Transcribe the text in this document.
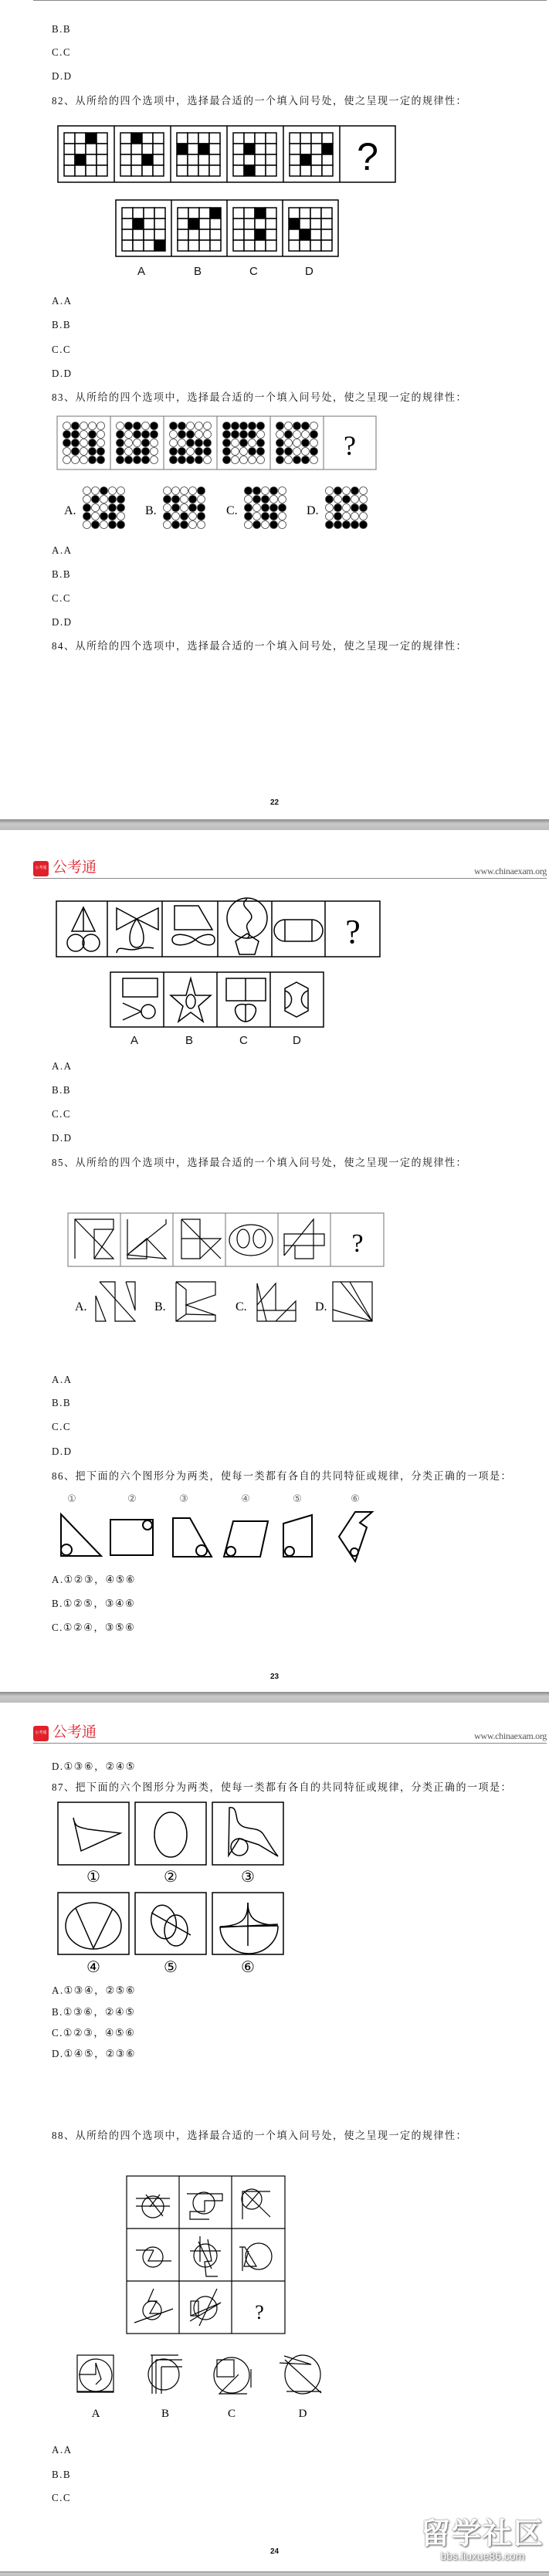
B.B
C.C
D.D
82、从所给的四个选项中，选择最合适的一个填入问号处，使之呈现一定的规律性：
?
A	B	C	D
A.A
B.B
C.C
D.D
83、从所给的四个选项中，选择最合适的一个填入问号处，使之呈现一定的规律性：
?
A.	B.	C.	D.
A.A
B.B
C.C
D.D
84、从所给的四个选项中，选择最合适的一个填入问号处，使之呈现一定的规律性：
22
公考通 公考通	www.chinaexam.org
?
A	B	C	D
A.A
B.B
C.C
D.D
85、从所给的四个选项中，选择最合适的一个填入问号处，使之呈现一定的规律性：
?
A.	B.	C.	D.
A.A
B.B
C.C
D.D
86、把下面的六个图形分为两类，使每一类都有各自的共同特征或规律，分类正确的一项是：
①	②	③	④	⑤	⑥
A.①②③，④⑤⑥
B.①②⑤，③④⑥
C.①②④，③⑤⑥
23
公考通 公考通	www.chinaexam.org
D.①③⑥，②④⑤
87、把下面的六个图形分为两类，使每一类都有各自的共同特征或规律，分类正确的一项是：
①	②	③
④	⑤	⑥
A.①③④，②⑤⑥
B.①③⑥，②④⑤
C.①②③，④⑤⑥
D.①④⑤，②③⑥
88、从所给的四个选项中，选择最合适的一个填入问号处，使之呈现一定的规律性：
?
A	B	C	D
A.A
B.B
C.C
24
留学社区
bbs.liuxue86.com
